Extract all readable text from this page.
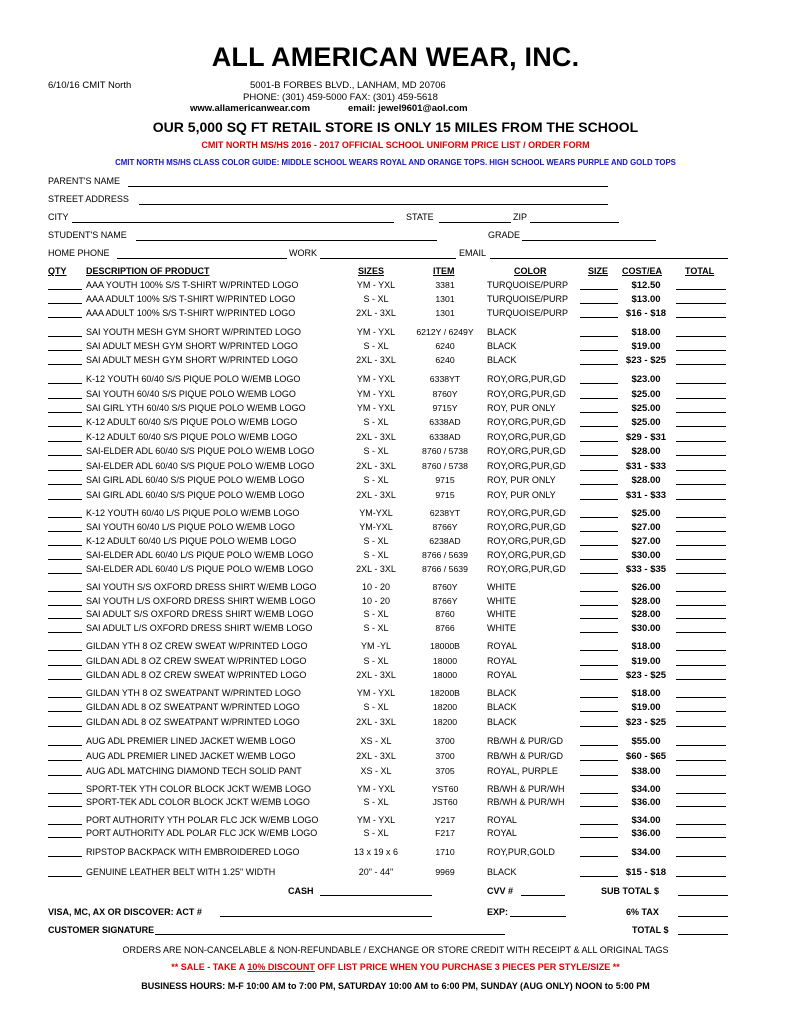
ALL AMERICAN WEAR, INC.
6/10/16 CMIT North	5001-B FORBES BLVD., LANHAM, MD 20706
PHONE: (301) 459-5000 FAX: (301) 459-5618
www.allamericanwear.com	email: jewel9601@aol.com
OUR 5,000 SQ FT RETAIL STORE IS ONLY 15 MILES FROM THE SCHOOL
CMIT NORTH MS/HS 2016 - 2017 OFFICIAL SCHOOL UNIFORM PRICE LIST / ORDER FORM
CMIT NORTH MS/HS CLASS COLOR GUIDE: MIDDLE SCHOOL WEARS ROYAL AND ORANGE TOPS. HIGH SCHOOL WEARS PURPLE AND GOLD TOPS
PARENT'S NAME
STREET ADDRESS
CITY	STATE	ZIP
STUDENT'S NAME	GRADE
HOME PHONE	WORK	EMAIL
QTY DESCRIPTION OF PRODUCT	SIZES	ITEM	COLOR	SIZE COST/EA	TOTAL
AAA YOUTH 100% S/S T-SHIRT W/PRINTED LOGO	YM - YXL	3381	TURQUOISE/PURP	$12.50
AAA ADULT 100% S/S T-SHIRT W/PRINTED LOGO	S - XL	1301	TURQUOISE/PURP	$13.00
AAA ADULT 100% S/S T-SHIRT W/PRINTED LOGO	2XL - 3XL	1301	TURQUOISE/PURP	$16 - $18
SAI YOUTH MESH GYM SHORT W/PRINTED LOGO	YM - YXL	6212Y / 6249Y	BLACK	$18.00
SAI ADULT MESH GYM SHORT W/PRINTED LOGO	S - XL	6240	BLACK	$19.00
SAI ADULT MESH GYM SHORT W/PRINTED LOGO	2XL - 3XL	6240	BLACK	$23 - $25
K-12 YOUTH 60/40 S/S PIQUE POLO W/EMB LOGO	YM - YXL	6338YT	ROY,ORG,PUR,GD	$23.00
SAI YOUTH 60/40 S/S PIQUE POLO W/EMB LOGO	YM - YXL	8760Y	ROY,ORG,PUR,GD	$25.00
SAI GIRL YTH 60/40 S/S PIQUE POLO W/EMB LOGO	YM - YXL	9715Y	ROY, PUR ONLY	$25.00
K-12 ADULT 60/40 S/S PIQUE POLO W/EMB LOGO	S - XL	6338AD	ROY,ORG,PUR,GD	$25.00
K-12 ADULT 60/40 S/S PIQUE POLO W/EMB LOGO	2XL - 3XL	6338AD	ROY,ORG,PUR,GD	$29 - $31
SAI-ELDER ADL 60/40 S/S PIQUE POLO W/EMB LOGO	S - XL	8760 / 5738	ROY,ORG,PUR,GD	$28.00
SAI-ELDER ADL 60/40 S/S PIQUE POLO W/EMB LOGO	2XL - 3XL	8760 / 5738	ROY,ORG,PUR,GD	$31 - $33
SAI GIRL ADL 60/40 S/S PIQUE POLO W/EMB LOGO	S - XL	9715	ROY, PUR ONLY	$28.00
SAI GIRL ADL 60/40 S/S PIQUE POLO W/EMB LOGO	2XL - 3XL	9715	ROY, PUR ONLY	$31 - $33
K-12 YOUTH 60/40 L/S PIQUE POLO W/EMB LOGO	YM-YXL	6238YT	ROY,ORG,PUR,GD	$25.00
SAI YOUTH 60/40 L/S PIQUE POLO W/EMB LOGO	YM-YXL	8766Y	ROY,ORG,PUR,GD	$27.00
K-12 ADULT 60/40 L/S PIQUE POLO W/EMB LOGO	S - XL	6238AD	ROY,ORG,PUR,GD	$27.00
SAI-ELDER ADL 60/40 L/S PIQUE POLO W/EMB LOGO	S - XL	8766 / 5639	ROY,ORG,PUR,GD	$30.00
SAI-ELDER ADL 60/40 L/S PIQUE POLO W/EMB LOGO	2XL - 3XL	8766 / 5639	ROY,ORG,PUR,GD	$33 - $35
SAI YOUTH S/S OXFORD DRESS SHIRT W/EMB LOGO	10 - 20	8760Y	WHITE	$26.00
SAI YOUTH L/S OXFORD DRESS SHIRT W/EMB LOGO	10 - 20	8766Y	WHITE	$28.00
SAI ADULT S/S OXFORD DRESS SHIRT W/EMB LOGO	S - XL	8760	WHITE	$28.00
SAI ADULT L/S OXFORD DRESS SHIRT W/EMB LOGO	S - XL	8766	WHITE	$30.00
GILDAN YTH 8 OZ CREW SWEAT W/PRINTED LOGO	YM -YL	18000B	ROYAL	$18.00
GILDAN ADL 8 OZ CREW SWEAT W/PRINTED LOGO	S - XL	18000	ROYAL	$19.00
GILDAN ADL 8 OZ CREW SWEAT W/PRINTED LOGO	2XL - 3XL	18000	ROYAL	$23 - $25
GILDAN YTH 8 OZ SWEATPANT W/PRINTED LOGO	YM - YXL	18200B	BLACK	$18.00
GILDAN ADL 8 OZ SWEATPANT W/PRINTED LOGO	S - XL	18200	BLACK	$19.00
GILDAN ADL 8 OZ SWEATPANT W/PRINTED LOGO	2XL - 3XL	18200	BLACK	$23 - $25
AUG ADL PREMIER LINED JACKET W/EMB LOGO	XS - XL	3700	RB/WH & PUR/GD	$55.00
AUG ADL PREMIER LINED JACKET W/EMB LOGO	2XL - 3XL	3700	RB/WH & PUR/GD	$60 - $65
AUG ADL MATCHING DIAMOND TECH SOLID PANT	XS - XL	3705	ROYAL, PURPLE	$38.00
SPORT-TEK YTH COLOR BLOCK JCKT W/EMB LOGO	YM - YXL	YST60	RB/WH & PUR/WH	$34.00
SPORT-TEK ADL COLOR BLOCK JCKT W/EMB LOGO	S - XL	JST60	RB/WH & PUR/WH	$36.00
PORT AUTHORITY YTH POLAR FLC JCK W/EMB LOGO	YM - YXL	Y217	ROYAL	$34.00
PORT AUTHORITY ADL POLAR FLC JCK W/EMB LOGO	S - XL	F217	ROYAL	$36.00
RIPSTOP BACKPACK WITH EMBROIDERED LOGO	13 x 19 x 6	1710	ROY,PUR,GOLD	$34.00
GENUINE LEATHER BELT WITH 1.25" WIDTH	20" - 44"	9969	BLACK	$15 - $18
CASH	CVV #	SUB TOTAL $
VISA, MC, AX OR DISCOVER: ACT #	EXP:	6% TAX
CUSTOMER SIGNATURE	TOTAL $
ORDERS ARE NON-CANCELABLE & NON-REFUNDABLE / EXCHANGE OR STORE CREDIT WITH RECEIPT & ALL ORIGINAL TAGS
** SALE - TAKE A 10% DISCOUNT OFF LIST PRICE WHEN YOU PURCHASE 3 PIECES PER STYLE/SIZE **
BUSINESS HOURS: M-F 10:00 AM to 7:00 PM, SATURDAY 10:00 AM to 6:00 PM, SUNDAY (AUG ONLY) NOON to 5:00 PM
